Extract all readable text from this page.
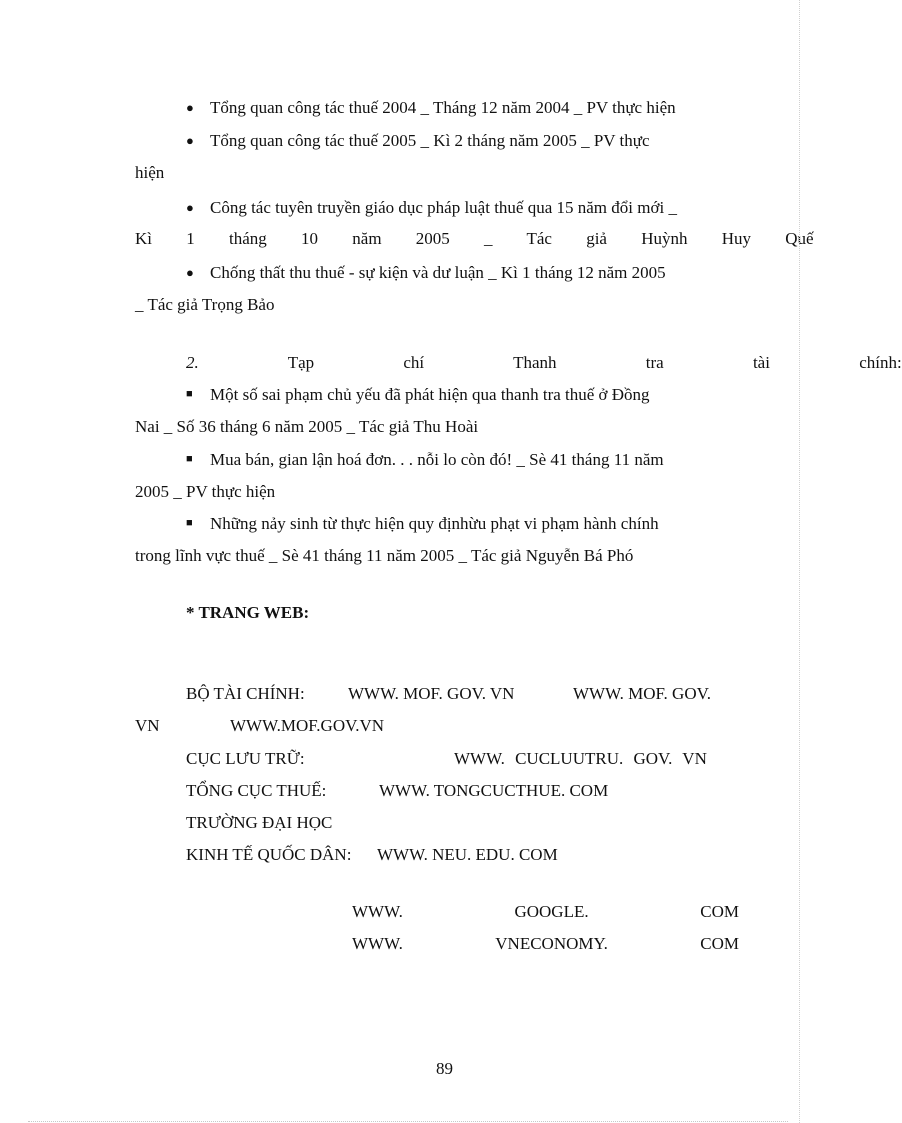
● Tổng quan công tác thuế 2004 _ Tháng 12 năm 2004 _ PV thực hiện
● Tổng quan công tác thuế 2005 _ Kì 2 tháng năm 2005 _ PV thực
hiện
● Công tác tuyên truyền giáo dục pháp luật thuế qua 15 năm đổi mới _
Kì 1 tháng 10 năm 2005 _ Tác giả Huỳnh Huy Quế
● Chống thất thu thuế - sự kiện và dư luận _ Kì 1 tháng 12 năm 2005
_ Tác giả Trọng Bảo
2.	Tạp chí Thanh tra tài chính:
■ Một số sai phạm chủ yếu đã phát hiện qua thanh tra thuế ở Đồng
Nai _ Số 36 tháng 6 năm 2005 _ Tác giả Thu Hoài
■ Mua bán, gian lận hoá đơn. . . nỗi lo còn đó! _ Sè 41 tháng 11 năm
2005 _ PV thực hiện
■ Những nảy sinh từ thực hiện quy địnhừu phạt vi phạm hành chính
trong lĩnh vực thuế _ Sè 41 tháng 11 năm 2005 _ Tác giả Nguyễn Bá Phó
* TRANG WEB:
BỘ TÀI CHÍNH:	WWW. MOF. GOV. VN	WWW. MOF. GOV.
VN	WWW.MOF.GOV.VN
CỤC LƯU TRỮ:	WWW. CUCLUUTRU. GOV. VN
TỔNG CỤC THUẾ:	WWW. TONGCUCTHUE. COM
TRƯỜNG ĐẠI HỌC
KINH TẾ QUỐC DÂN: WWW. NEU. EDU. COM
WWW.	GOOGLE.	COM
WWW.	VNECONOMY.	COM
89
